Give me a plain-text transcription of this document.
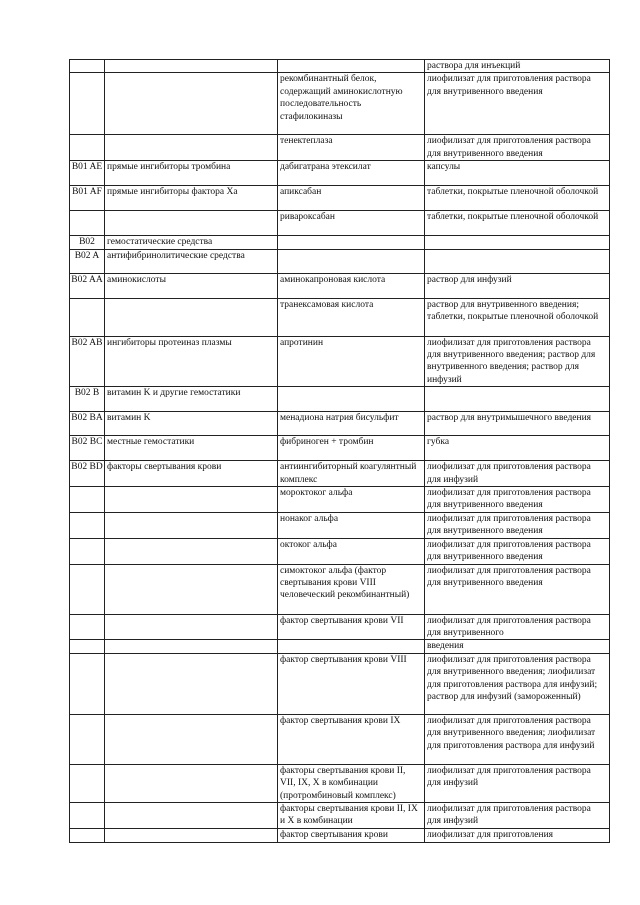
			раствора для инъекций
		рекомбинантный белок, содержащий аминокислотную последовательность стафилокиназы	лиофилизат для приготовления раствора для внутривенного введения
		тенектеплаза	лиофилизат для приготовления раствора для внутривенного введения
B01 AE	прямые ингибиторы тромбина	дабигатрана этексилат	капсулы
B01 AF	прямые ингибиторы фактора Xa	апиксабан	таблетки, покрытые пленочной оболочкой
		ривароксабан	таблетки, покрытые пленочной оболочкой
B02	гемостатические средства		
B02 A	антифибринолитические средства		
B02 AA	аминокислоты	аминокапроновая кислота	раствор для инфузий
		транексамовая кислота	раствор для внутривенного введения; таблетки, покрытые пленочной оболочкой
B02 AB	ингибиторы протеиназ плазмы	апротинин	лиофилизат для приготовления раствора для внутривенного введения; раствор для внутривенного введения; раствор для инфузий
B02 B	витамин K и другие гемостатики		
B02 BA	витамин K	менадиона натрия бисульфит	раствор для внутримышечного введения
B02 BC	местные гемостатики	фибриноген + тромбин	губка
B02 BD	факторы свертывания крови	антиингибиторный коагулянтный комплекс	лиофилизат для приготовления раствора для инфузий
		мороктоког альфа	лиофилизат для приготовления раствора для внутривенного введения
		нонаког альфа	лиофилизат для приготовления раствора для внутривенного введения
		октоког альфа	лиофилизат для приготовления раствора для внутривенного введения
		симоктоког альфа (фактор свертывания крови VIII человеческий рекомбинантный)	лиофилизат для приготовления раствора для внутривенного введения
		фактор свертывания крови VII	лиофилизат для приготовления раствора для внутривенного
			введения
		фактор свертывания крови VIII	лиофилизат для приготовления раствора для внутривенного введения; лиофилизат для приготовления раствора для инфузий; раствор для инфузий (замороженный)
		фактор свертывания крови IX	лиофилизат для приготовления раствора для внутривенного введения; лиофилизат для приготовления раствора для инфузий
		факторы свертывания крови II, VII, IX, X в комбинации (протромбиновый комплекс)	лиофилизат для приготовления раствора для инфузий
		факторы свертывания крови II, IX и X в комбинации	лиофилизат для приготовления раствора для инфузий
		фактор свертывания крови	лиофилизат для приготовления
